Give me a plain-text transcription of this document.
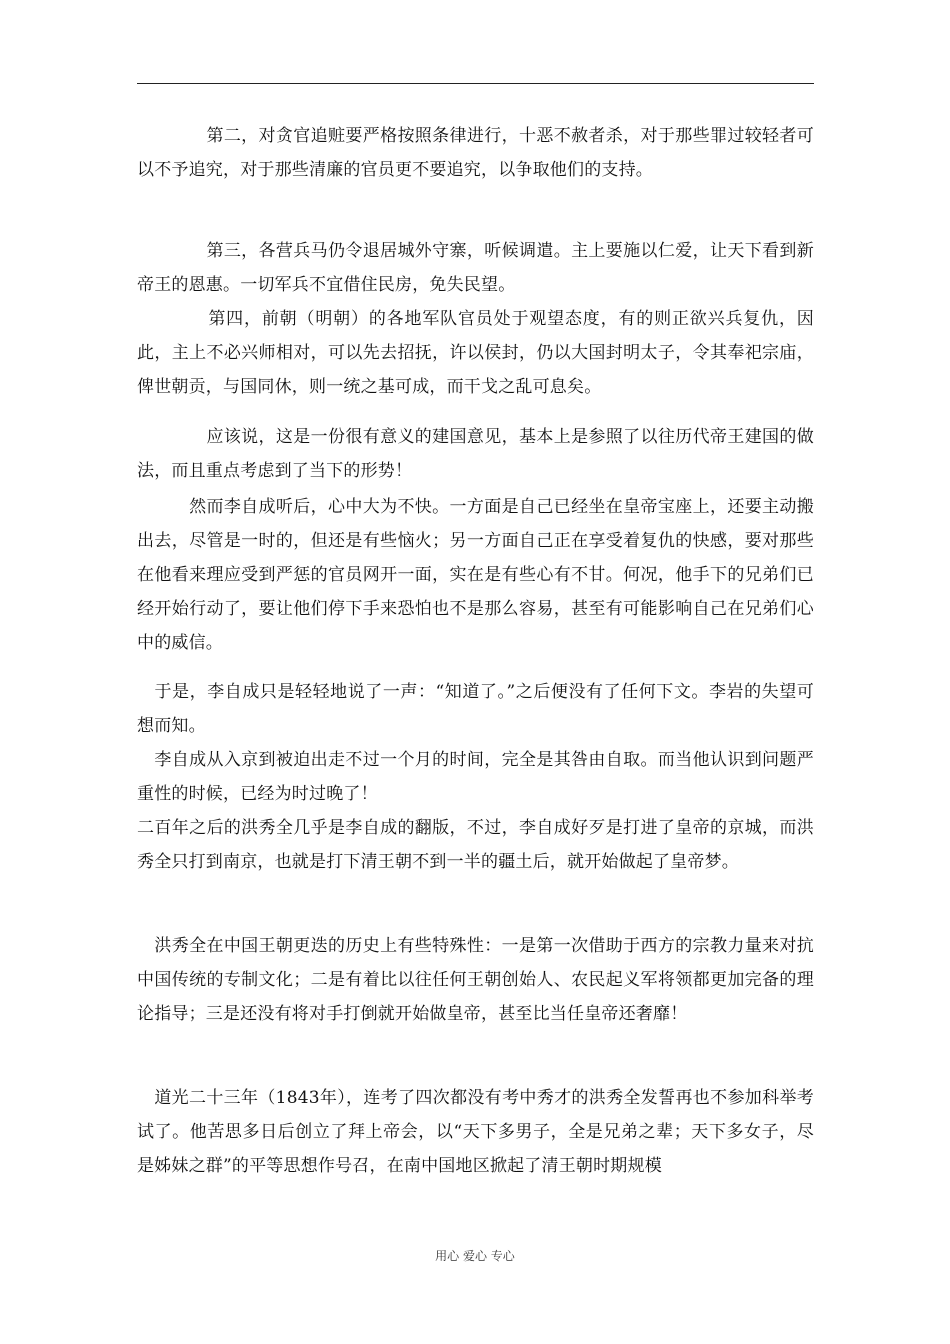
　　　　第二，对贪官追赃要严格按照条律进行，十恶不赦者杀，对于那些罪过较轻者可以不予追究，对于那些清廉的官员更不要追究，以争取他们的支持。

　　　　第三，各营兵马仍令退居城外守寨，听候调遣。主上要施以仁爱，让天下看到新帝王的恩惠。一切军兵不宜借住民房，免失民望。

　　　　第四，前朝（明朝）的各地军队官员处于观望态度，有的则正欲兴兵复仇，因此，主上不必兴师相对，可以先去招抚，许以侯封，仍以大国封明太子，令其奉祀宗庙，俾世朝贡，与国同休，则一统之基可成，而干戈之乱可息矣。

　　　　应该说，这是一份很有意义的建国意见，基本上是参照了以往历代帝王建国的做法，而且重点考虑到了当下的形势！

　　　然而李自成听后，心中大为不快。一方面是自己已经坐在皇帝宝座上，还要主动搬出去，尽管是一时的，但还是有些恼火；另一方面自己正在享受着复仇的快感，要对那些在他看来理应受到严惩的官员网开一面，实在是有些心有不甘。何况，他手下的兄弟们已经开始行动了，要让他们停下手来恐怕也不是那么容易，甚至有可能影响自己在兄弟们心中的威信。

　于是，李自成只是轻轻地说了一声：“知道了。”之后便没有了任何下文。李岩的失望可想而知。

　李自成从入京到被迫出走不过一个月的时间，完全是其咎由自取。而当他认识到问题严重性的时候，已经为时过晚了！

二百年之后的洪秀全几乎是李自成的翻版，不过，李自成好歹是打进了皇帝的京城，而洪秀全只打到南京，也就是打下清王朝不到一半的疆土后，就开始做起了皇帝梦。

　洪秀全在中国王朝更迭的历史上有些特殊性：一是第一次借助于西方的宗教力量来对抗中国传统的专制文化；二是有着比以往任何王朝创始人、农民起义军将领都更加完备的理论指导；三是还没有将对手打倒就开始做皇帝，甚至比当任皇帝还奢靡！

　道光二十三年（1843年），连考了四次都没有考中秀才的洪秀全发誓再也不参加科举考试了。他苦思多日后创立了拜上帝会，以“天下多男子，全是兄弟之辈；天下多女子，尽是姊妹之群”的平等思想作号召，在南中国地区掀起了清王朝时期规模

用心 爱心 专心
